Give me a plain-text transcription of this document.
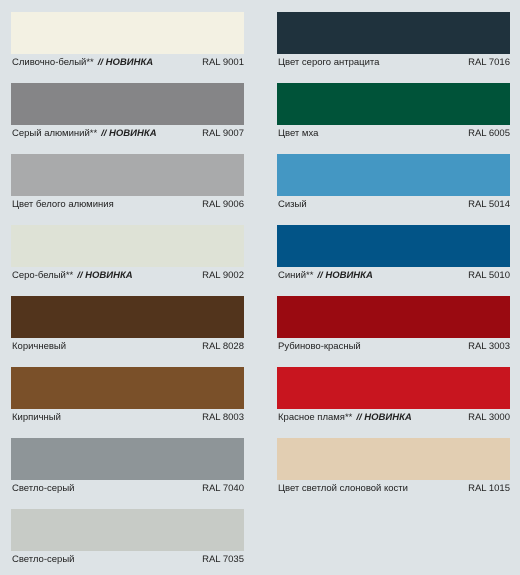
Сливочно-белый** // НОВИНКА	RAL 9001	Цвет серого антрацита	RAL 7016
Серый алюминий** // НОВИНКА	RAL 9007	Цвет мха	RAL 6005
Цвет белого алюминия	RAL 9006	Сизый	RAL 5014
Серо-белый** // НОВИНКА	RAL 9002	Синий** // НОВИНКА	RAL 5010
Коричневый	RAL 8028	Рубиново-красный	RAL 3003
Кирпичный	RAL 8003	Красное пламя** // НОВИНКА	RAL 3000
Светло-серый	RAL 7040	Цвет светлой слоновой кости	RAL 1015
Светло-серый	RAL 7035
